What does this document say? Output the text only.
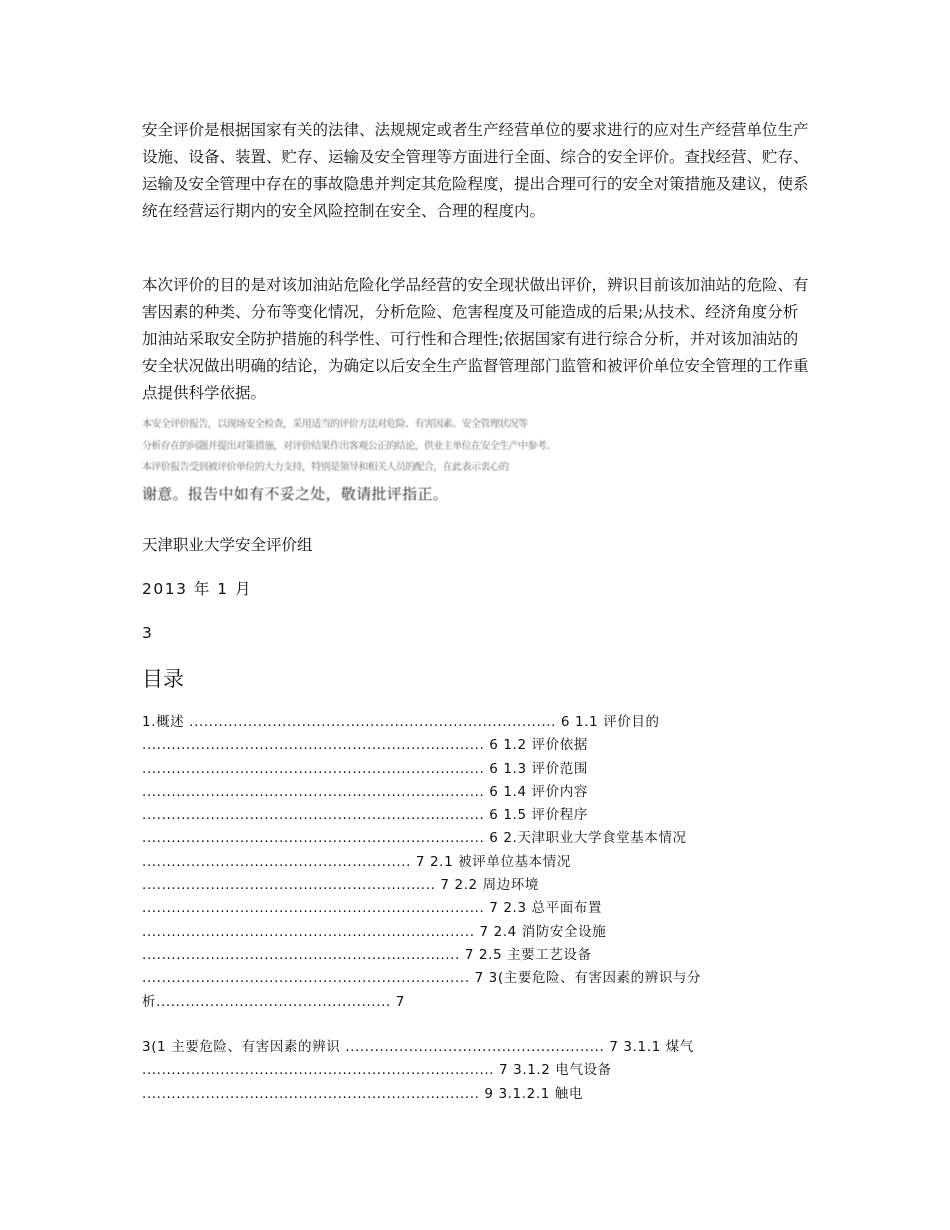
安全评价是根据国家有关的法律、法规规定或者生产经营单位的要求进行的应对生产经营单位生产设施、设备、装置、贮存、运输及安全管理等方面进行全面、综合的安全评价。查找经营、贮存、运输及安全管理中存在的事故隐患并判定其危险程度，提出合理可行的安全对策措施及建议，使系统在经营运行期内的安全风险控制在安全、合理的程度内。

本次评价的目的是对该加油站危险化学品经营的安全现状做出评价，辨识目前该加油站的危险、有害因素的种类、分布等变化情况，分析危险、危害程度及可能造成的后果;从技术、经济角度分析加油站采取安全防护措施的科学性、可行性和合理性;依据国家有进行综合分析，并对该加油站的安全状况做出明确的结论，为确定以后安全生产监督管理部门监管和被评价单位安全管理的工作重点提供科学依据。

本安全评价报告，以现场安全检查，采用适当的评价方法对危险、有害因素、安全管理状况等
分析存在的问题并提出对策措施，对评价结果作出客观公正的结论，供业主单位在安全生产中参考。
本评价报告受到被评价单位的大力支持，特别是领导和相关人员的配合，在此表示衷心的

谢意。报告中如有不妥之处，敬请批评指正。

天津职业大学安全评价组

2013 年 1 月

3

目录
1.概述 ........................................................................... 6 1.1 评价目的
...................................................................... 6 1.2 评价依据
...................................................................... 6 1.3 评价范围
...................................................................... 6 1.4 评价内容
...................................................................... 6 1.5 评价程序
...................................................................... 6 2.天津职业大学食堂基本情况
....................................................... 7 2.1 被评单位基本情况
............................................................ 7 2.2 周边环境
...................................................................... 7 2.3 总平面布置
.................................................................... 7 2.4 消防安全设施
................................................................. 7 2.5 主要工艺设备
................................................................... 7 3(主要危险、有害因素的辨识与分
析................................................ 7
3(1 主要危险、有害因素的辨识 ..................................................... 7 3.1.1 煤气
........................................................................ 7 3.1.2 电气设备
..................................................................... 9 3.1.2.1 触电
